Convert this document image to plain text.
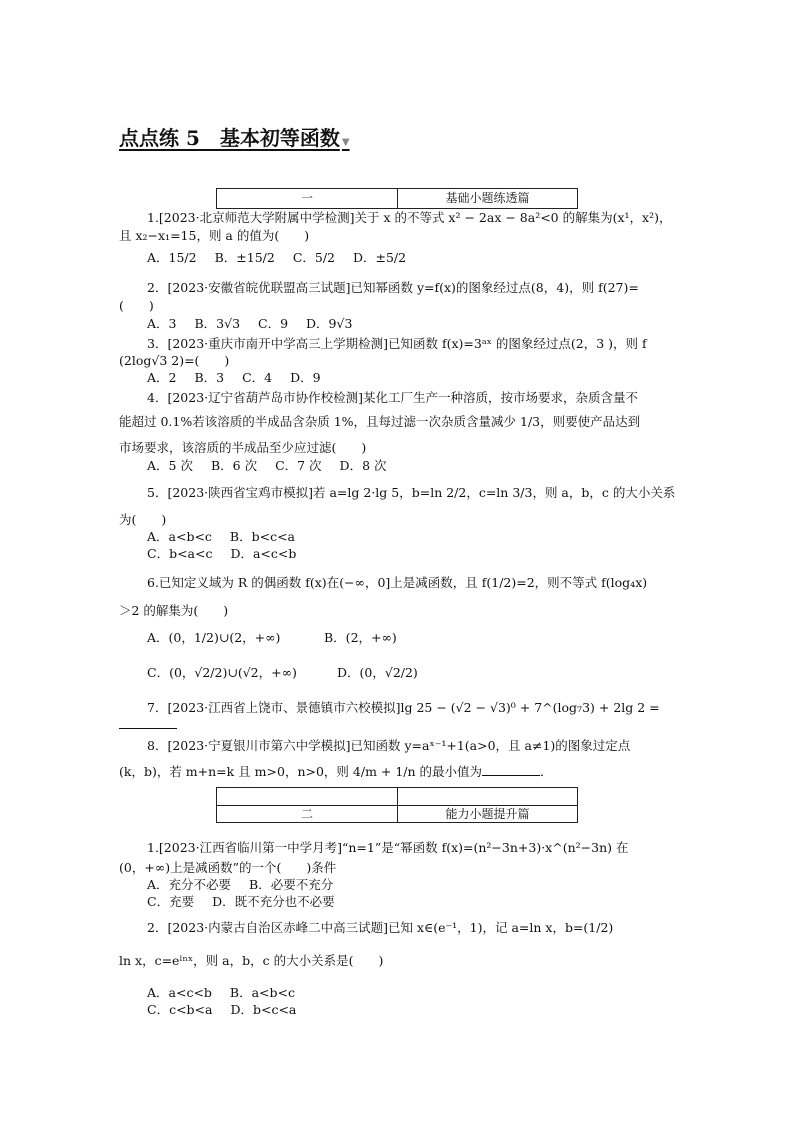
点点练 5　基本初等函数 ▼
一	基础小题练透篇
1.[2023·北京师范大学附属中学检测]关于 x 的不等式 x² − 2ax − 8a²<0 的解集为(x¹，x²)，
且 x₂−x₁=15，则 a 的值为(　　)
A．15/2 B．±15/2 C．5/2 D．±5/2
2．[2023·安徽省皖优联盟高三试题]已知幂函数 y=f(x)的图象经过点(8，4)，则 f(27)=
(　　)
A．3 B．3√3 C．9 D．9√3
3．[2023·重庆市南开中学高三上学期检测]已知函数 f(x)=3ᵃˣ 的图象经过点(2，3 )，则 f
(2log√3 2)=(　　)
A．2 B．3 C．4 D．9
4．[2023·辽宁省葫芦岛市协作校检测]某化工厂生产一种溶质，按市场要求，杂质含量不
能超过 0.1%若该溶质的半成品含杂质 1%，且每过滤一次杂质含量减少 1/3，则要使产品达到
市场要求，该溶质的半成品至少应过滤(　　)
A．5 次 B．6 次 C．7 次 D．8 次
5．[2023·陕西省宝鸡市模拟]若 a=lg 2·lg 5，b=ln 2/2，c=ln 3/3，则 a，b，c 的大小关系
为(　　)
A．a<b<c B．b<c<a
C．b<a<c D．a<c<b
6.已知定义域为 R 的偶函数 f(x)在(−∞，0]上是减函数，且 f(1/2)=2，则不等式 f(log₄x)
＞2 的解集为(　　)
A．(0，1/2)∪(2，+∞)	B．(2，+∞)
C．(0，√2/2)∪(√2，+∞)	D．(0，√2/2)
7．[2023·江西省上饶市、景德镇市六校模拟]lg 25 − (√2 − √3)⁰ + 7^(log₇3) + 2lg 2 =
8．[2023·宁夏银川市第六中学模拟]已知函数 y=aˣ⁻¹+1(a>0，且 a≠1)的图象过定点
(k，b)，若 m+n=k 且 m>0，n>0，则 4/m + 1/n 的最小值为	．
二	能力小题提升篇
1.[2023·江西省临川第一中学月考]“n=1”是“幂函数 f(x)=(n²−3n+3)·x^(n²−3n) 在
(0，+∞)上是减函数”的一个(　　)条件
A．充分不必要 B．必要不充分
C．充要 D．既不充分也不必要
2．[2023·内蒙古自治区赤峰二中高三试题]已知 x∈(e⁻¹，1)，记 a=ln x，b=(1/2)
ln x，c=eˡⁿˣ，则 a，b，c 的大小关系是(　　)
A．a<c<b B．a<b<c
C．c<b<a D．b<c<a
